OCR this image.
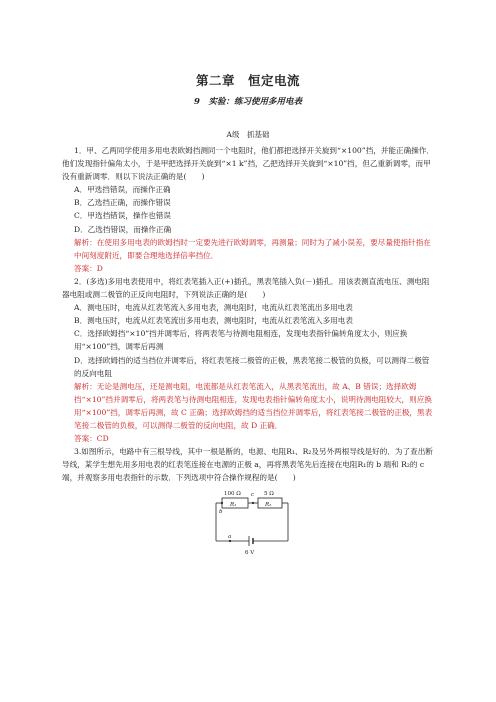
第二章　恒定电流
9　实验：练习使用多用电表
A级　抓基础

1．甲、乙两同学使用多用电表欧姆挡测同一个电阻时，他们都把选择开关旋到“×100”挡，并能正确操作．他们发现指针偏角太小，于是甲把选择开关旋到“×1 k”挡，乙把选择开关旋到“×10”挡，但乙重新调零，而甲没有重新调零．则以下说法正确的是(　　)

A．甲选挡错误，而操作正确

B．乙选挡正确，而操作错误

C．甲选挡错误，操作也错误

D．乙选挡错误，而操作正确

解析：在使用多用电表的欧姆挡时一定要先进行欧姆调零，再测量；同时为了减小误差，要尽量使指针指在中间刻度附近，即要合理地选择倍率挡位．

答案：D

2．(多选)多用电表使用中，将红表笔插入正(+)插孔，黑表笔插入负(－)插孔．用该表测直流电压、测电阻器电阻或测二极管的正反向电阻时，下列说法正确的是(　　)

A．测电压时，电流从红表笔流入多用电表，测电阻时，电流从红表笔流出多用电表

B．测电压时，电流从红表笔流出多用电表，测电阻时，电流从红表笔流入多用电表

C．选择欧姆挡“×10”挡并调零后，将两表笔与待测电阻相连，发现电表指针偏转角度太小，则应换用“×100”挡，调零后再测

D．选择欧姆挡的适当挡位并调零后，将红表笔接二极管的正极，黑表笔接二极管的负极，可以测得二极管的反向电阻

解析：无论是测电压，还是测电阻，电流都是从红表笔流入，从黑表笔流出，故 A、B 错误；选择欧姆挡“×10”挡并调零后，将两表笔与待测电阻相连，发现电表指针偏转角度太小，说明待测电阻较大，则应换用“×100”挡，调零后再测，故 C 正确；选择欧姆挡的适当挡位并调零后，将红表笔接二极管的正极，黑表笔接二极管的负极，可以测得二极管的反向电阻，故 D 正确．

答案：CD

3.如图所示，电路中有三根导线，其中一根是断的，电源、电阻R₁、R₂及另外两根导线是好的．为了查出断导线，某学生想先用多用电表的红表笔连接在电源的正极 a，再将黑表笔先后连接在电阻R₁的 b 端和 R₂的 c 端，并观察多用电表指针的示数．下列选项中符合操作规程的是(　　)

100 Ω	5 Ω
R₁	R₂
b
c
a
6 V
